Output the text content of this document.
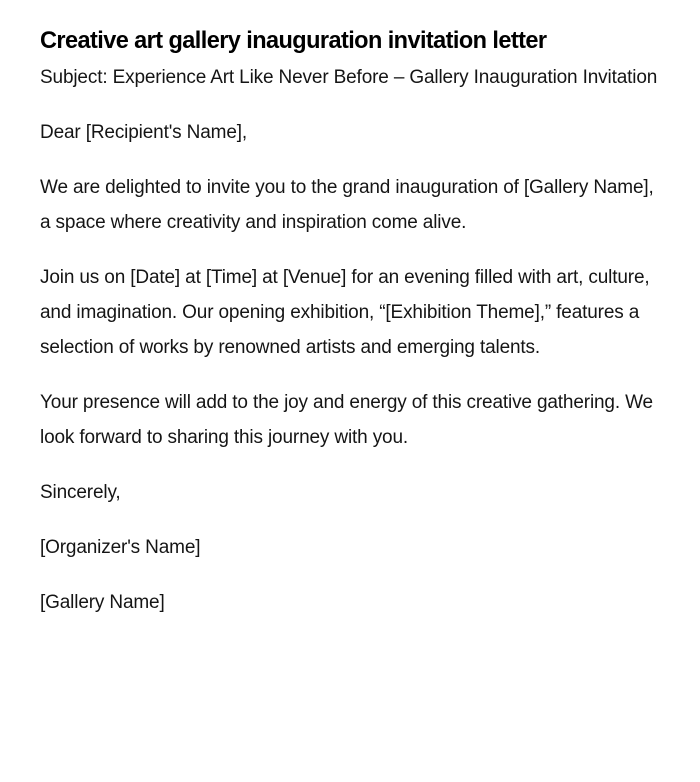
Creative art gallery inauguration invitation letter

Subject: Experience Art Like Never Before – Gallery Inauguration Invitation

Dear [Recipient's Name],

We are delighted to invite you to the grand inauguration of [Gallery Name], a space where creativity and inspiration come alive.

Join us on [Date] at [Time] at [Venue] for an evening filled with art, culture, and imagination. Our opening exhibition, “[Exhibition Theme],” features a selection of works by renowned artists and emerging talents.

Your presence will add to the joy and energy of this creative gathering. We look forward to sharing this journey with you.

Sincerely,

[Organizer's Name]

[Gallery Name]
